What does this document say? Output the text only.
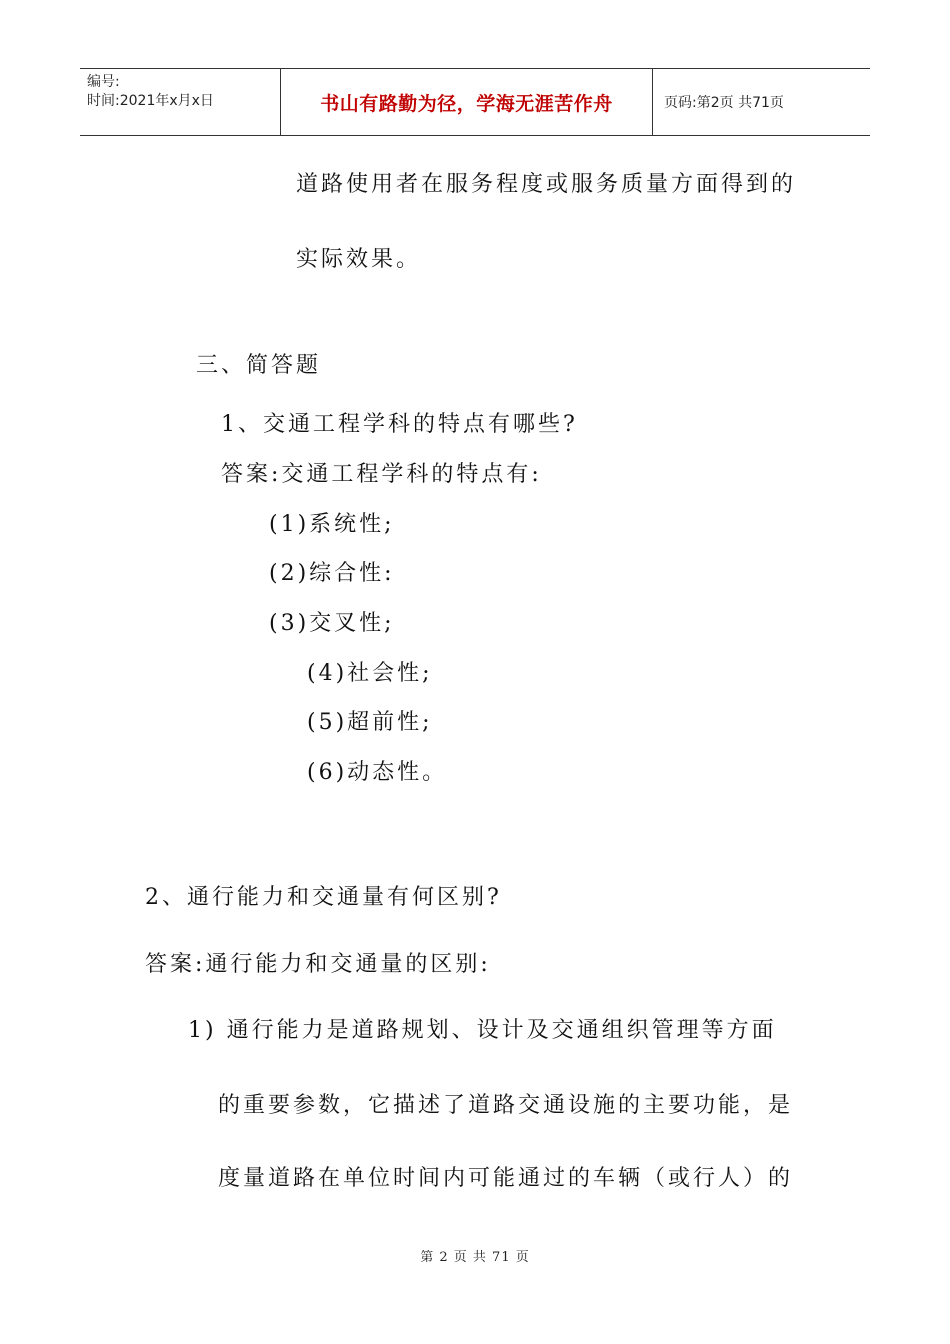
编号:
时间:2021年x月x日	书山有路勤为径，学海无涯苦作舟	页码:第2页 共71页
道路使用者在服务程度或服务质量方面得到的
实际效果。
三、简答题
1、交通工程学科的特点有哪些?
答案:交通工程学科的特点有:
(1)系统性;
(2)综合性:
(3)交叉性;
(4)社会性;
(5)超前性;
(6)动态性。
2、通行能力和交通量有何区别?
答案:通行能力和交通量的区别:
1) 通行能力是道路规划、设计及交通组织管理等方面
的重要参数，它描述了道路交通设施的主要功能，是
度量道路在单位时间内可能通过的车辆（或行人）的
第 2 页 共 71 页
